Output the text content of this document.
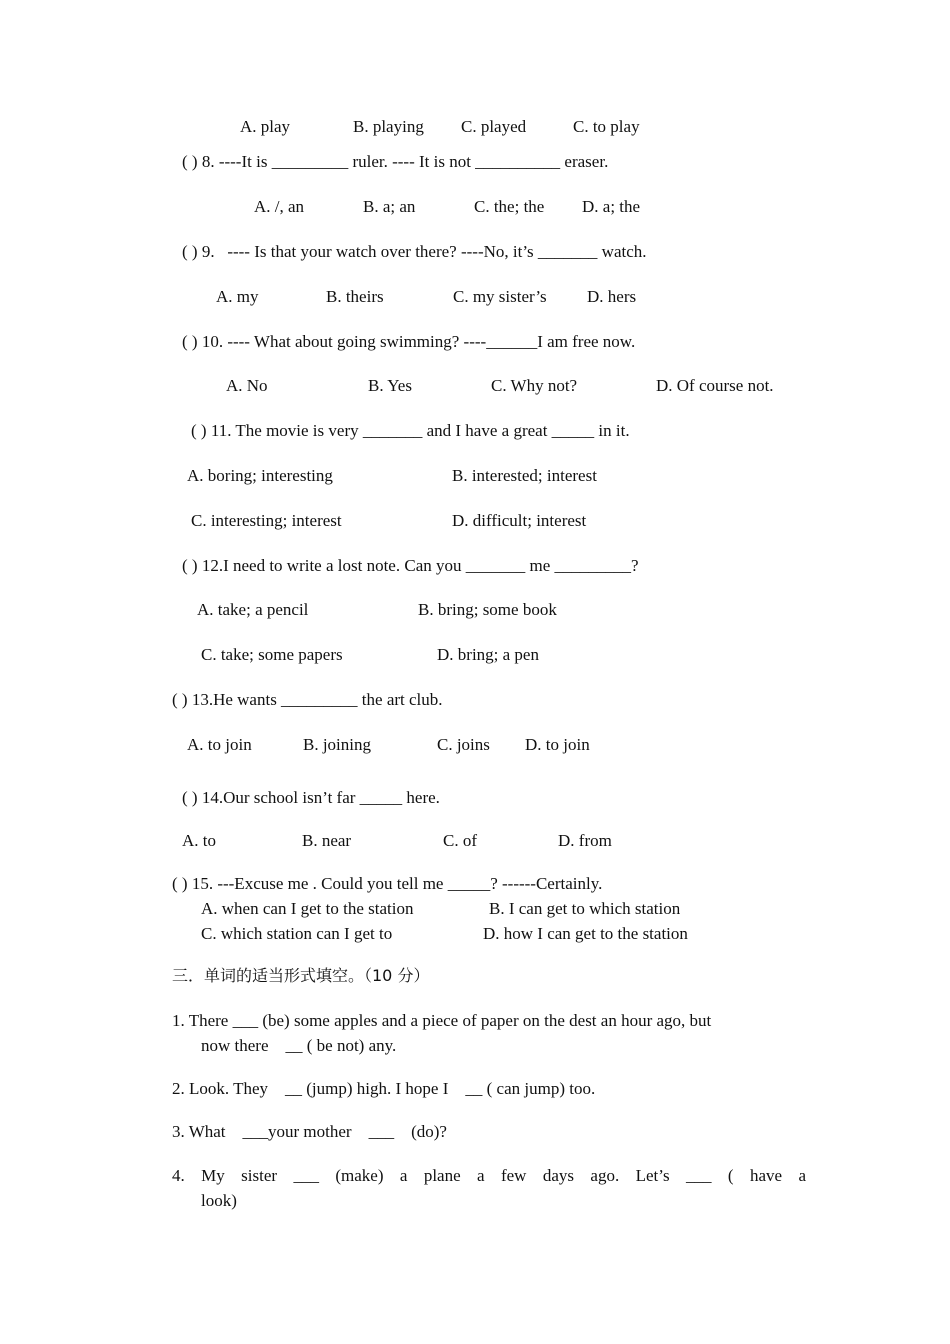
A. play	B. playing C. played	C. to play
( ) 8. ----It is _________ ruler. ---- It is not __________ eraser.
A. /, an	B. a; an	C. the; the D. a; the
( ) 9.   ---- Is that your watch over there? ----No, it’s _______ watch.
A. my	B. theirs	C. my sister’s D. hers
( ) 10. ---- What about going swimming? ----______I am free now.
A. No	B. Yes	C. Why not?	D. Of course not.
( ) 11. The movie is very _______ and I have a great _____ in it.
A. boring; interesting	B. interested; interest
C. interesting; interest	D. difficult; interest
( ) 12.I need to write a lost note. Can you _______ me _________?
A. take; a pencil	B. bring; some book
C. take; some papers	D. bring; a pen
( ) 13.He wants _________ the art club.
A. to join	B. joining	C. joins D. to join
( ) 14.Our school isn’t far _____ here.
A. to	B. near	C. of	D. from
( ) 15. ---Excuse me . Could you tell me _____? ------Certainly.
A. when can I get to the station	B. I can get to which station
C. which station can I get to	D. how I can get to the station
三．单词的适当形式填空。（10 分）
1. There ___ (be) some apples and a piece of paper on the dest an hour ago, but
now there    __ ( be not) any.
2. Look. They    __ (jump) high. I hope I    __ ( can jump) too.
3. What    ___your mother    ___    (do)?
4. My sister ___ (make) a plane a few days ago. Let’s ___ ( have a
look)
